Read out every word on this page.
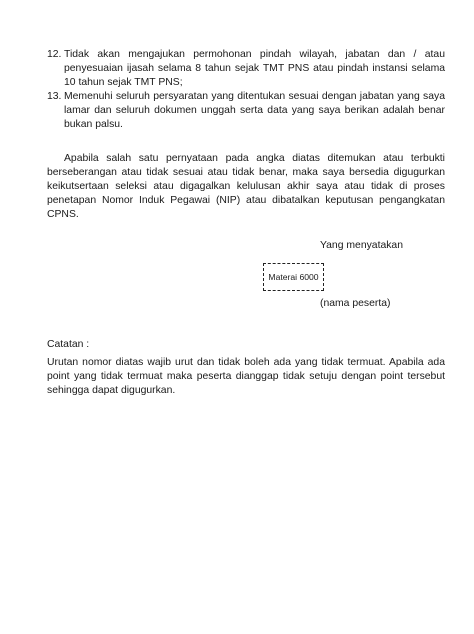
12. Tidak akan mengajukan permohonan pindah wilayah, jabatan dan / atau penyesuaian ijasah selama 8 tahun sejak TMT PNS atau pindah instansi selama 10 tahun sejak TMT PNS;
13. Memenuhi seluruh persyaratan yang ditentukan sesuai dengan jabatan yang saya lamar dan seluruh dokumen unggah serta data yang saya berikan adalah benar bukan palsu.

Apabila salah satu pernyataan pada angka diatas ditemukan atau terbukti berseberangan atau tidak sesuai atau tidak benar, maka saya bersedia digugurkan keikutsertaan seleksi atau digagalkan kelulusan akhir saya atau tidak di proses penetapan Nomor Induk Pegawai (NIP) atau dibatalkan keputusan pengangkatan CPNS.

Yang menyatakan
Materai 6000
(nama peserta)
Catatan :

Urutan nomor diatas wajib urut dan tidak boleh ada yang tidak termuat. Apabila ada point yang tidak termuat maka peserta dianggap tidak setuju dengan point tersebut sehingga dapat digugurkan.
